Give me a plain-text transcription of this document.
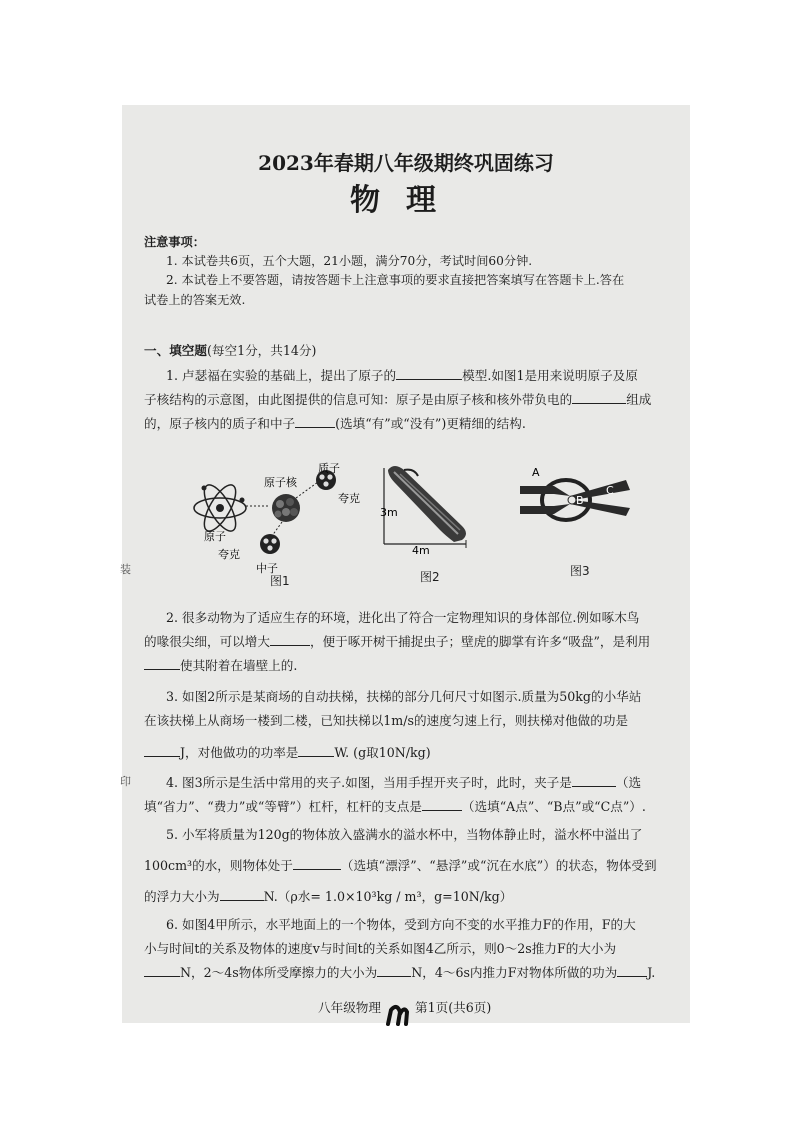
2023年春期八年级期终巩固练习
物理
注意事项：
1. 本试卷共6页，五个大题，21小题，满分70分，考试时间60分钟.
2. 本试卷上不要答题，请按答题卡上注意事项的要求直接把答案填写在答题卡上.答在
试卷上的答案无效.
一、填空题(每空1分，共14分)
1. 卢瑟福在实验的基础上，提出了原子的	模型.如图1是用来说明原子及原
子核结构的示意图，由此图提供的信息可知：原子是由原子核和核外带负电的	组成
的，原子核内的质子和中子	(选填“有”或“没有”)更精细的结构.
原子核
质子
夸克
原子
夸克
中子
图1
3m
4m
图2
A
B
C
图3
2. 很多动物为了适应生存的环境，进化出了符合一定物理知识的身体部位.例如啄木鸟
的喙很尖细，可以增大	，便于啄开树干捕捉虫子；壁虎的脚掌有许多“吸盘”，是利用
使其附着在墙壁上的.
3. 如图2所示是某商场的自动扶梯，扶梯的部分几何尺寸如图示.质量为50kg的小华站
在该扶梯上从商场一楼到二楼，已知扶梯以1m/s的速度匀速上行，则扶梯对他做的功是
J，对他做功的功率是	W. (g取10N/kg)
4. 图3所示是生活中常用的夹子.如图，当用手捏开夹子时，此时，夹子是	（选
填“省力”、“费力”或“等臂”）杠杆，杠杆的支点是	（选填“A点”、“B点”或“C点”）.
5. 小军将质量为120g的物体放入盛满水的溢水杯中，当物体静止时，溢水杯中溢出了
100cm³的水，则物体处于	（选填“漂浮”、“悬浮”或“沉在水底”）的状态，物体受到
的浮力大小为	N.（ρ水= 1.0×10³kg / m³，g=10N/kg）
6. 如图4甲所示，水平地面上的一个物体，受到方向不变的水平推力F的作用，F的大
小与时间t的关系及物体的速度v与时间t的关系如图4乙所示，则0～2s推力F的大小为
N，2～4s物体所受摩擦力的大小为	N，4～6s内推力F对物体所做的功为 J.
八年级物理	第1页(共6页)
装
印
